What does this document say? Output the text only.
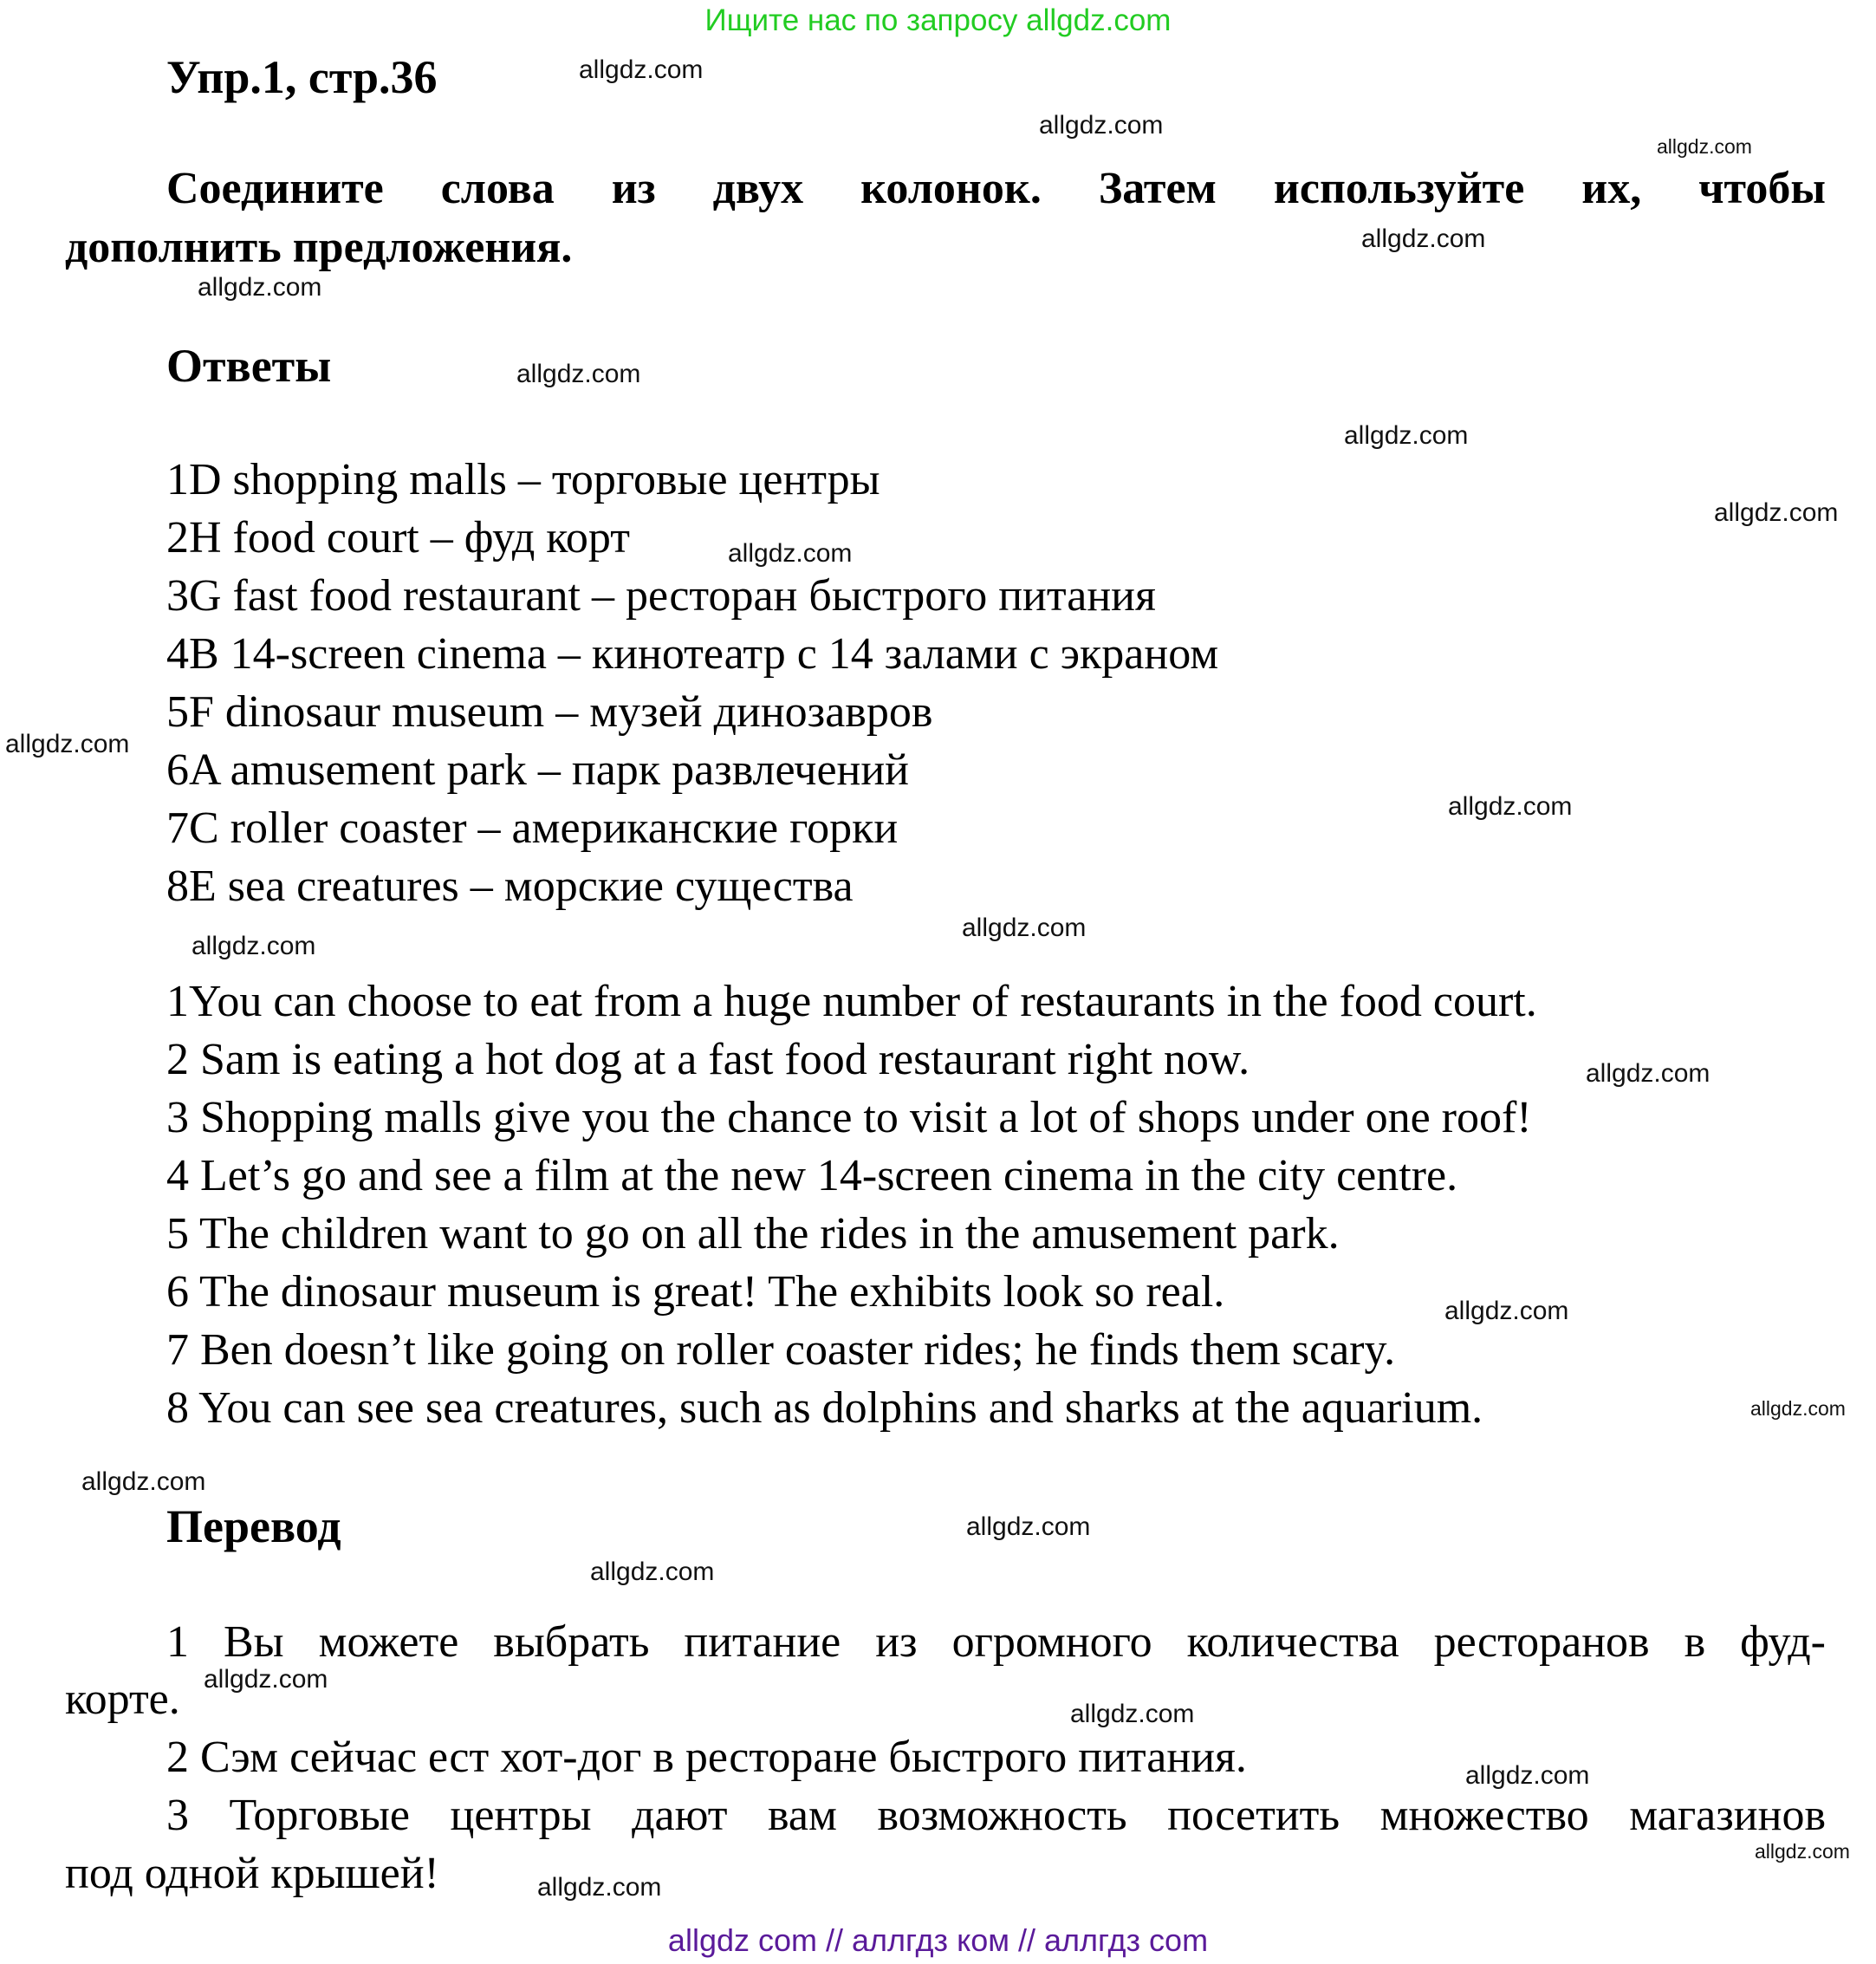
Ищите нас по запросу allgdz.com
Упр.1, стр.36
Соедините слова из двух колонок. Затем используйте их, чтобы
дополнить предложения.
Ответы
1D shopping malls – торговые центры
2H food court – фуд корт
3G fast food restaurant – ресторан быстрого питания
4B 14-screen cinema – кинотеатр с 14 залами с экраном
5F dinosaur museum – музей динозавров
6A amusement park – парк развлечений
7C roller coaster – американские горки
8E sea creatures – морские существа
1You can choose to eat from a huge number of restaurants in the food court.
2 Sam is eating a hot dog at a fast food restaurant right now.
3 Shopping malls give you the chance to visit a lot of shops under one roof!
4 Let’s go and see a film at the new 14-screen cinema in the city centre.
5 The children want to go on all the rides in the amusement park.
6 The dinosaur museum is great! The exhibits look so real.
7 Ben doesn’t like going on roller coaster rides; he finds them scary.
8 You can see sea creatures, such as dolphins and sharks at the aquarium.
Перевод
1 Вы можете выбрать питание из огромного количества ресторанов в фуд-
корте.
2 Сэм сейчас ест хот-дог в ресторане быстрого питания.
3 Торговые центры дают вам возможность посетить множество магазинов
под одной крышей!
allgdz com // аллгдз ком // аллгдз com
allgdz.com
allgdz.com
allgdz.com
allgdz.com
allgdz.com
allgdz.com
allgdz.com
allgdz.com
allgdz.com
allgdz.com
allgdz.com
allgdz.com
allgdz.com
allgdz.com
allgdz.com
allgdz.com
allgdz.com
allgdz.com
allgdz.com
allgdz.com
allgdz.com
allgdz.com
allgdz.com
allgdz.com
